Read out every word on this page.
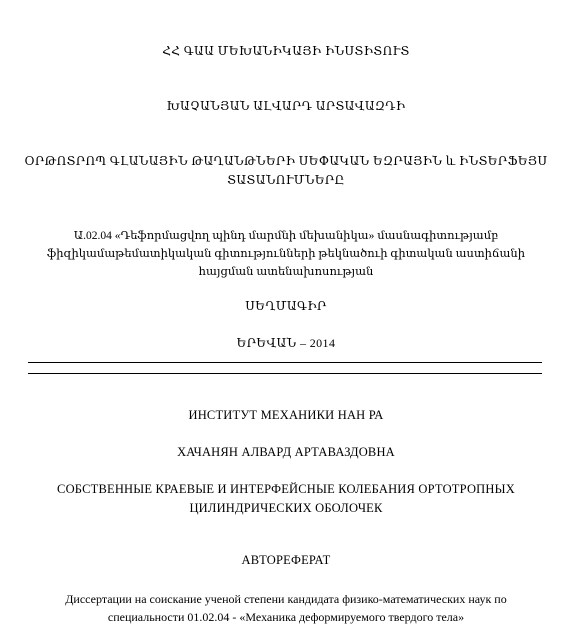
ՀՀ ԳԱԱ ՄԵԽԱՆԻԿԱՅԻ ԻՆՍՏԻՏՈՒՏ
ԽԱՉԱՆՅԱՆ ԱԼՎԱՐԴ ԱՐՏԱՎԱԶԴԻ
ՕՐԹՈՏՐՈՊ ԳԼԱՆԱՅԻՆ ԹԱՂԱՆԹՆԵՐԻ ՍԵՓԱԿԱՆ ԵԶՐԱՅԻՆ և ԻՆՏԵՐՖԵՅՍ
ՏԱՏԱՆՈՒՄՆԵՐԸ
Ա.02.04 «Դեֆորմացվող պինդ մարմնի մեխանիկա» մասնագիտությամբ
ֆիզիկամաթեմատիկական գիտությունների թեկնածուի գիտական աստիճանի
հայցման ատենախոսության
ՍԵՂՄԱԳԻՐ
ԵՐԵՎԱՆ – 2014
ИНСТИТУТ МЕХАНИКИ НАН РА
ХАЧАНЯН АЛВАРД АРТАВАЗДОВНА
СОБСТВЕННЫЕ КРАЕВЫЕ И ИНТЕРФЕЙСНЫЕ КОЛЕБАНИЯ ОРТОТРОПНЫХ
ЦИЛИНДРИЧЕСКИХ ОБОЛОЧЕК
АВТОРЕФЕРАТ
Диссертации на соискание ученой степени кандидата физико-математических наук по
специальности 01.02.04 - «Механика деформируемого твердого тела»
